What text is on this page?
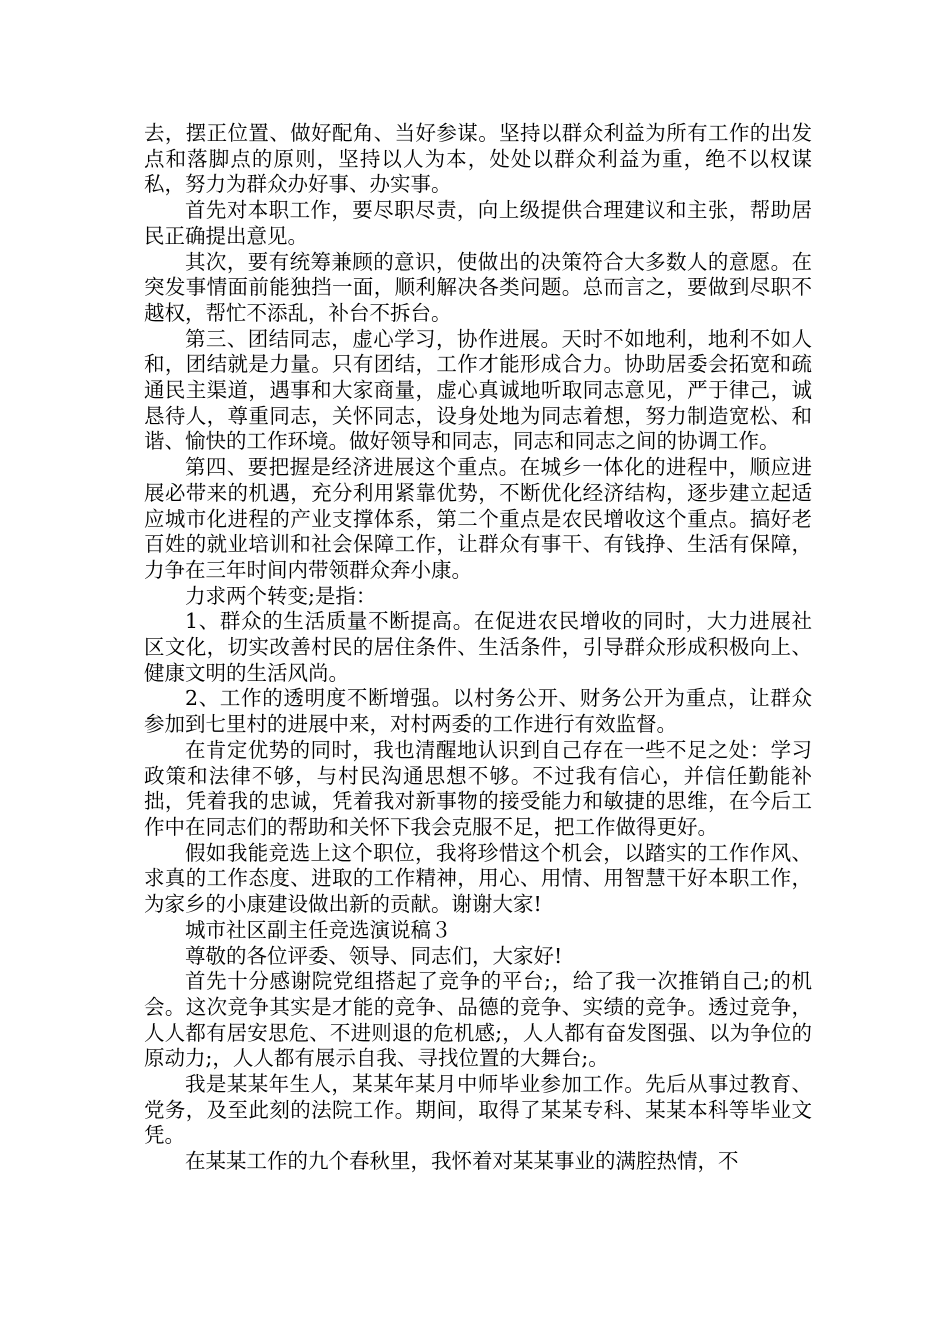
去，摆正位置、做好配角、当好参谋。坚持以群众利益为所有工作的出发点和落脚点的原则，坚持以人为本，处处以群众利益为重，绝不以权谋私，努力为群众办好事、办实事。

首先对本职工作，要尽职尽责，向上级提供合理建议和主张，帮助居民正确提出意见。

其次，要有统筹兼顾的意识，使做出的决策符合大多数人的意愿。在突发事情面前能独挡一面，顺利解决各类问题。总而言之，要做到尽职不越权，帮忙不添乱，补台不拆台。

第三、团结同志，虚心学习，协作进展。天时不如地利，地利不如人和，团结就是力量。只有团结，工作才能形成合力。协助居委会拓宽和疏通民主渠道，遇事和大家商量，虚心真诚地听取同志意见，严于律己，诚恳待人，尊重同志，关怀同志，设身处地为同志着想，努力制造宽松、和谐、愉快的工作环境。做好领导和同志，同志和同志之间的协调工作。

第四、要把握是经济进展这个重点。在城乡一体化的进程中，顺应进展必带来的机遇，充分利用紧靠优势，不断优化经济结构，逐步建立起适应城市化进程的产业支撑体系，第二个重点是农民增收这个重点。搞好老百姓的就业培训和社会保障工作，让群众有事干、有钱挣、生活有保障，力争在三年时间内带领群众奔小康。

力求两个转变;是指：

1、群众的生活质量不断提高。在促进农民增收的同时，大力进展社区文化，切实改善村民的居住条件、生活条件，引导群众形成积极向上、健康文明的生活风尚。

2、工作的透明度不断增强。以村务公开、财务公开为重点，让群众参加到七里村的进展中来，对村两委的工作进行有效监督。

在肯定优势的同时，我也清醒地认识到自己存在一些不足之处：学习政策和法律不够，与村民沟通思想不够。不过我有信心，并信任勤能补拙，凭着我的忠诚，凭着我对新事物的接受能力和敏捷的思维，在今后工作中在同志们的帮助和关怀下我会克服不足，把工作做得更好。

假如我能竞选上这个职位，我将珍惜这个机会，以踏实的工作作风、求真的工作态度、进取的工作精神，用心、用情、用智慧干好本职工作，为家乡的小康建设做出新的贡献。谢谢大家!

城市社区副主任竞选演说稿３

尊敬的各位评委、领导、同志们，大家好!

首先十分感谢院党组搭起了竞争的平台;，给了我一次推销自己;的机会。这次竞争其实是才能的竞争、品德的竞争、实绩的竞争。透过竞争，人人都有居安思危、不进则退的危机感;，人人都有奋发图强、以为争位的原动力;，人人都有展示自我、寻找位置的大舞台;。

我是某某年生人，某某年某月中师毕业参加工作。先后从事过教育、党务，及至此刻的法院工作。期间，取得了某某专科、某某本科等毕业文凭。

在某某工作的九个春秋里，我怀着对某某事业的满腔热情，不
